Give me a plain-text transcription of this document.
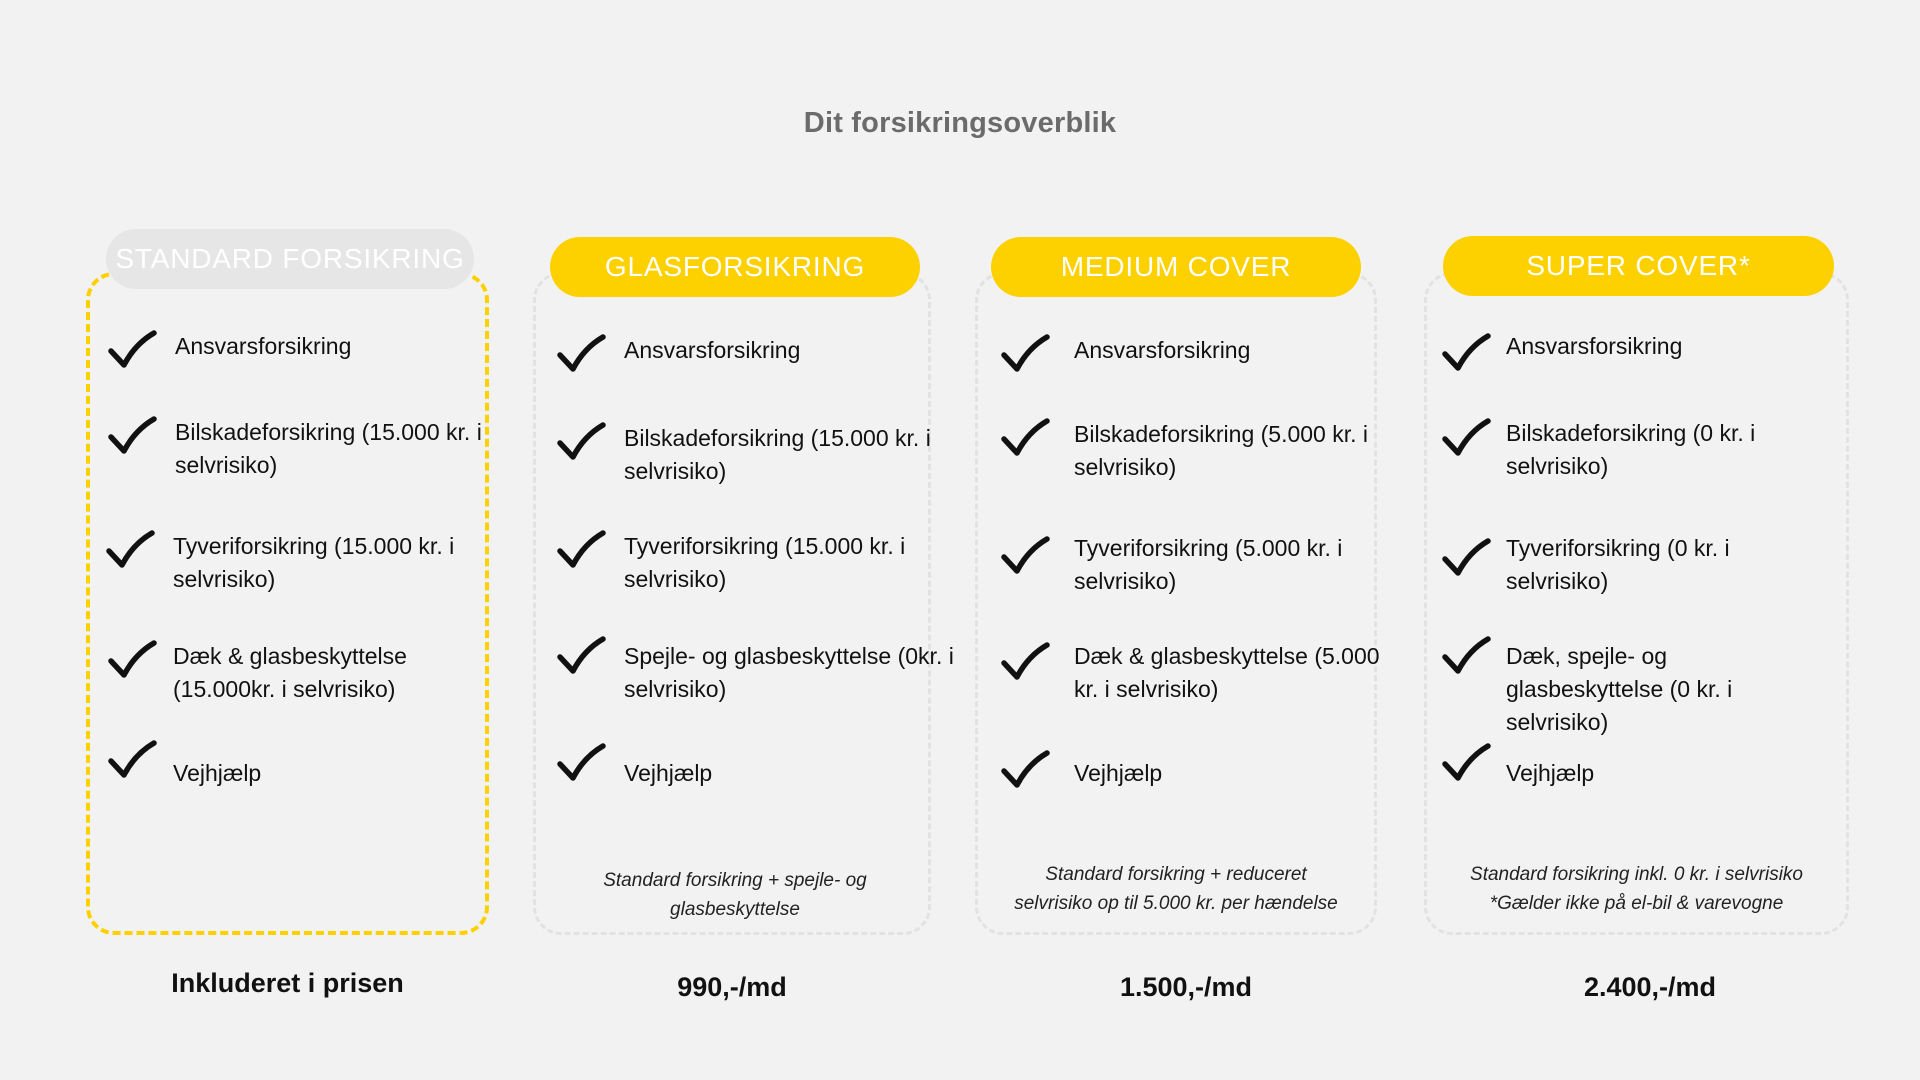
Dit forsikringsoverblik
STANDARD FORSIKRING
Ansvarsforsikring
Bilskadeforsikring (15.000 kr. i selvrisiko)
Tyveriforsikring (15.000 kr. i selvrisiko)
Dæk & glasbeskyttelse (15.000kr. i selvrisiko)
Vejhjælp
Inkluderet i prisen
GLASFORSIKRING
Ansvarsforsikring
Bilskadeforsikring (15.000 kr. i selvrisiko)
Tyveriforsikring (15.000 kr. i selvrisiko)
Spejle- og glasbeskyttelse (0kr. i selvrisiko)
Vejhjælp
Standard forsikring + spejle- og
glasbeskyttelse
990,-/md
MEDIUM COVER
Ansvarsforsikring
Bilskadeforsikring (5.000 kr. i selvrisiko)
Tyveriforsikring (5.000 kr. i selvrisiko)
Dæk & glasbeskyttelse (5.000 kr. i selvrisiko)
Vejhjælp
Standard forsikring + reduceret
selvrisiko op til 5.000 kr. per hændelse
1.500,-/md
SUPER COVER*
Ansvarsforsikring
Bilskadeforsikring (0 kr. i selvrisiko)
Tyveriforsikring (0 kr. i selvrisiko)
Dæk, spejle- og glasbeskyttelse (0 kr. i selvrisiko)
Vejhjælp
Standard forsikring inkl. 0 kr. i selvrisiko
*Gælder ikke på el-bil & varevogne
2.400,-/md
